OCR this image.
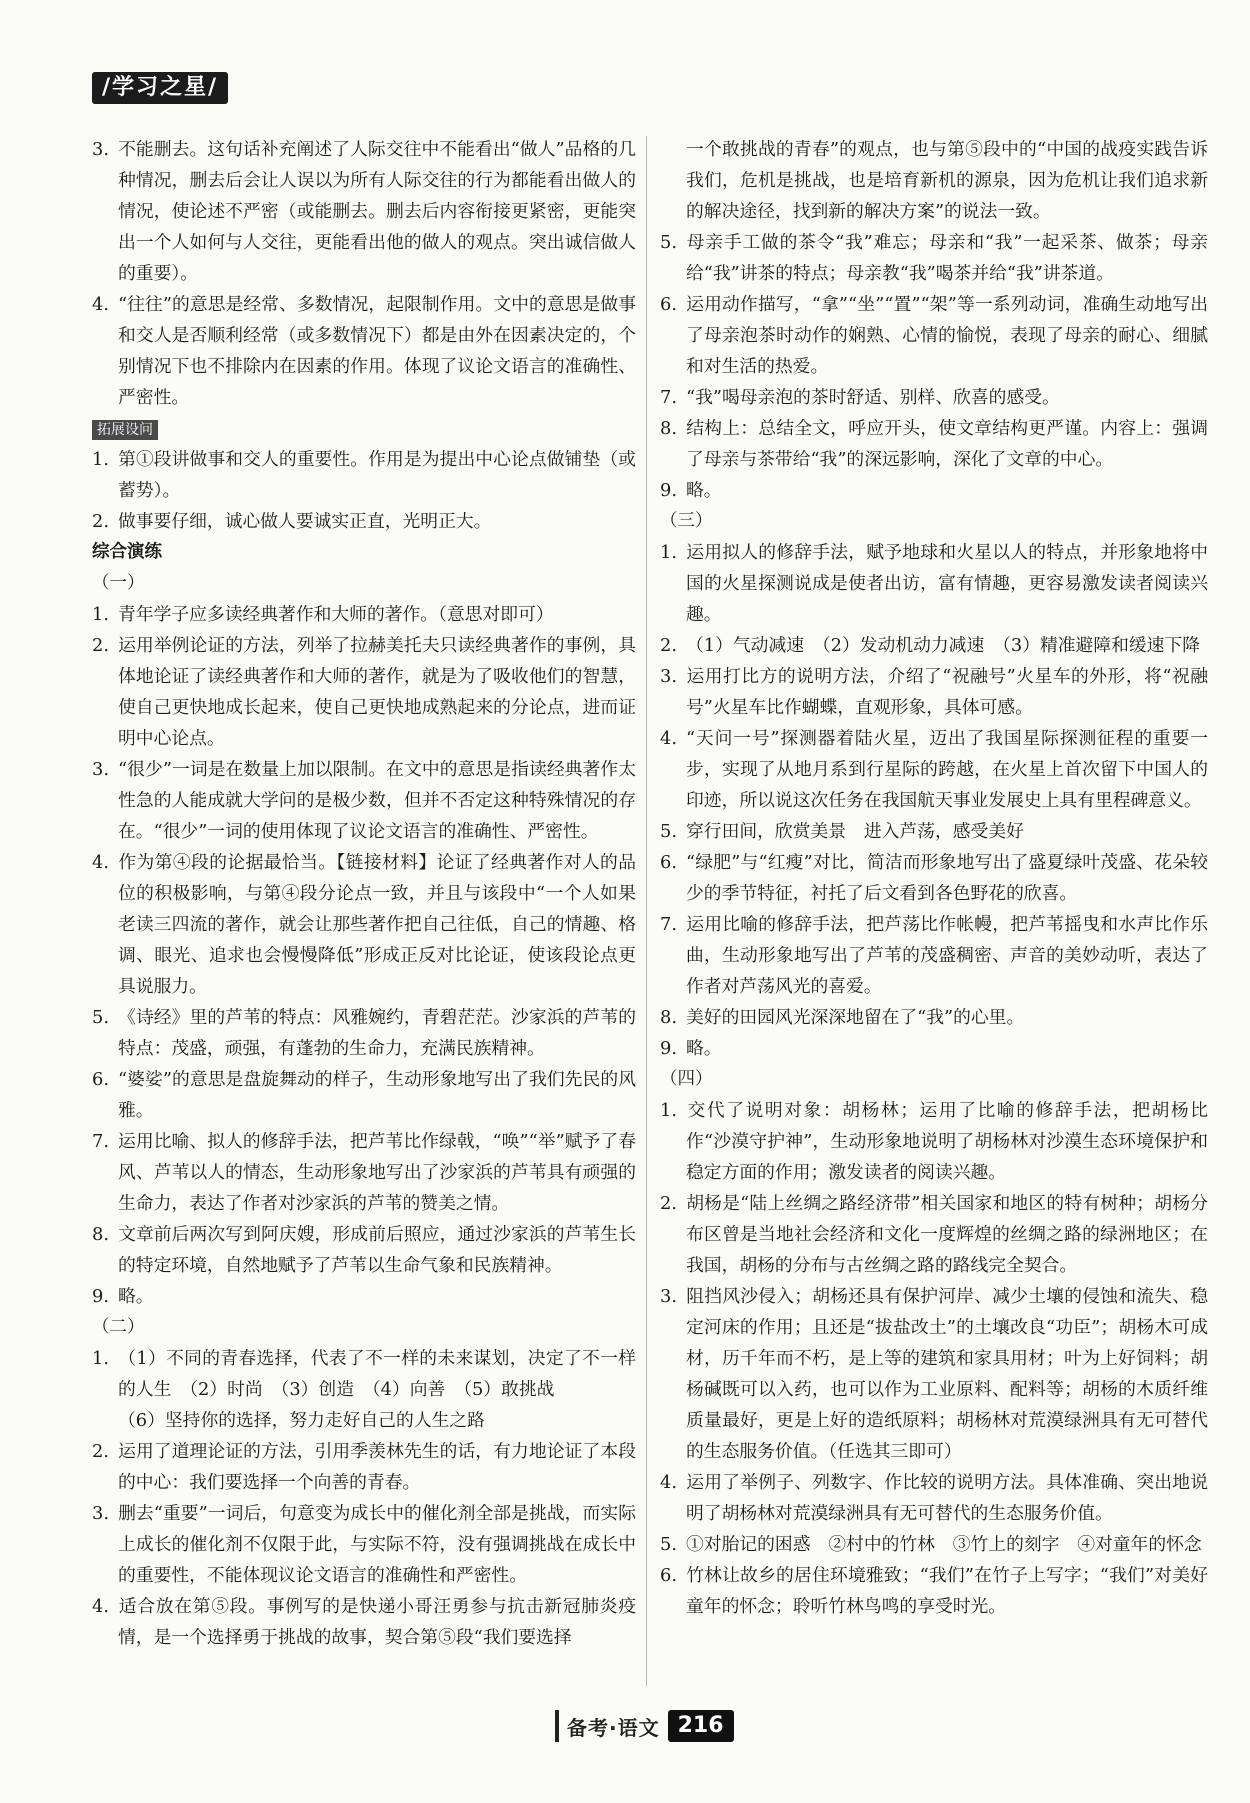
/学习之星/

3. 不能删去。这句话补充阐述了人际交往中不能看出“做人”品格的几种情况，删去后会让人误以为所有人际交往的行为都能看出做人的情况，使论述不严密（或能删去。删去后内容衔接更紧密，更能突出一个人如何与人交往，更能看出他的做人的观点。突出诚信做人的重要）。

4. “往往”的意思是经常、多数情况，起限制作用。文中的意思是做事和交人是否顺利经常（或多数情况下）都是由外在因素决定的，个别情况下也不排除内在因素的作用。体现了议论文语言的准确性、严密性。

拓展设问

1. 第①段讲做事和交人的重要性。作用是为提出中心论点做铺垫（或蓄势）。

2. 做事要仔细，诚心做人要诚实正直，光明正大。

综合演练

（一）

1. 青年学子应多读经典著作和大师的著作。（意思对即可）

2. 运用举例论证的方法，列举了拉赫美托夫只读经典著作的事例，具体地论证了读经典著作和大师的著作，就是为了吸收他们的智慧，使自己更快地成长起来，使自己更快地成熟起来的分论点，进而证明中心论点。

3. “很少”一词是在数量上加以限制。在文中的意思是指读经典著作太性急的人能成就大学问的是极少数，但并不否定这种特殊情况的存在。“很少”一词的使用体现了议论文语言的准确性、严密性。

4. 作为第④段的论据最恰当。【链接材料】论证了经典著作对人的品位的积极影响，与第④段分论点一致，并且与该段中“一个人如果老读三四流的著作，就会让那些著作把自己往低，自己的情趣、格调、眼光、追求也会慢慢降低”形成正反对比论证，使该段论点更具说服力。

5. 《诗经》里的芦苇的特点：风雅婉约，青碧茫茫。沙家浜的芦苇的特点：茂盛，顽强，有蓬勃的生命力，充满民族精神。

6. “婆娑”的意思是盘旋舞动的样子，生动形象地写出了我们先民的风雅。

7. 运用比喻、拟人的修辞手法，把芦苇比作绿戟，“唤”“举”赋予了春风、芦苇以人的情态，生动形象地写出了沙家浜的芦苇具有顽强的生命力，表达了作者对沙家浜的芦苇的赞美之情。

8. 文章前后两次写到阿庆嫂，形成前后照应，通过沙家浜的芦苇生长的特定环境，自然地赋予了芦苇以生命气象和民族精神。

9. 略。

（二）

1. （1）不同的青春选择，代表了不一样的未来谋划，决定了不一样的人生　（2）时尚　（3）创造　（4）向善　（5）敢挑战

（6）坚持你的选择，努力走好自己的人生之路

2. 运用了道理论证的方法，引用季羡林先生的话，有力地论证了本段的中心：我们要选择一个向善的青春。

3. 删去“重要”一词后，句意变为成长中的催化剂全部是挑战，而实际上成长的催化剂不仅限于此，与实际不符，没有强调挑战在成长中的重要性，不能体现议论文语言的准确性和严密性。

4. 适合放在第⑤段。事例写的是快递小哥汪勇参与抗击新冠肺炎疫情，是一个选择勇于挑战的故事，契合第⑤段“我们要选择

一个敢挑战的青春”的观点，也与第⑤段中的“中国的战疫实践告诉我们，危机是挑战，也是培育新机的源泉，因为危机让我们追求新的解决途径，找到新的解决方案”的说法一致。

5. 母亲手工做的茶令“我”难忘；母亲和“我”一起采茶、做茶；母亲给“我”讲茶的特点；母亲教“我”喝茶并给“我”讲茶道。

6. 运用动作描写，“拿”“坐”“置”“架”等一系列动词，准确生动地写出了母亲泡茶时动作的娴熟、心情的愉悦，表现了母亲的耐心、细腻和对生活的热爱。

7. “我”喝母亲泡的茶时舒适、别样、欣喜的感受。

8. 结构上：总结全文，呼应开头，使文章结构更严谨。内容上：强调了母亲与茶带给“我”的深远影响，深化了文章的中心。

9. 略。

（三）

1. 运用拟人的修辞手法，赋予地球和火星以人的特点，并形象地将中国的火星探测说成是使者出访，富有情趣，更容易激发读者阅读兴趣。

2. （1）气动减速　（2）发动机动力减速　（3）精准避障和缓速下降

3. 运用打比方的说明方法，介绍了“祝融号”火星车的外形，将“祝融号”火星车比作蝴蝶，直观形象，具体可感。

4. “天问一号”探测器着陆火星，迈出了我国星际探测征程的重要一步，实现了从地月系到行星际的跨越，在火星上首次留下中国人的印迹，所以说这次任务在我国航天事业发展史上具有里程碑意义。

5. 穿行田间，欣赏美景　进入芦荡，感受美好

6. “绿肥”与“红瘦”对比，简洁而形象地写出了盛夏绿叶茂盛、花朵较少的季节特征，衬托了后文看到各色野花的欣喜。

7. 运用比喻的修辞手法，把芦荡比作帐幔，把芦苇摇曳和水声比作乐曲，生动形象地写出了芦苇的茂盛稠密、声音的美妙动听，表达了作者对芦荡风光的喜爱。

8. 美好的田园风光深深地留在了“我”的心里。

9. 略。

（四）

1. 交代了说明对象：胡杨林；运用了比喻的修辞手法，把胡杨比作“沙漠守护神”，生动形象地说明了胡杨林对沙漠生态环境保护和稳定方面的作用；激发读者的阅读兴趣。

2. 胡杨是“陆上丝绸之路经济带”相关国家和地区的特有树种；胡杨分布区曾是当地社会经济和文化一度辉煌的丝绸之路的绿洲地区；在我国，胡杨的分布与古丝绸之路的路线完全契合。

3. 阻挡风沙侵入；胡杨还具有保护河岸、减少土壤的侵蚀和流失、稳定河床的作用；且还是“拔盐改土”的土壤改良“功臣”；胡杨木可成材，历千年而不朽，是上等的建筑和家具用材；叶为上好饲料；胡杨碱既可以入药，也可以作为工业原料、配料等；胡杨的木质纤维质量最好，更是上好的造纸原料；胡杨林对荒漠绿洲具有无可替代的生态服务价值。（任选其三即可）

4. 运用了举例子、列数字、作比较的说明方法。具体准确、突出地说明了胡杨林对荒漠绿洲具有无可替代的生态服务价值。

5. ①对胎记的困惑　②村中的竹林　③竹上的刻字　④对童年的怀念

6. 竹林让故乡的居住环境雅致；“我们”在竹子上写字；“我们”对美好童年的怀念；聆听竹林鸟鸣的享受时光。

备考·语文 216
